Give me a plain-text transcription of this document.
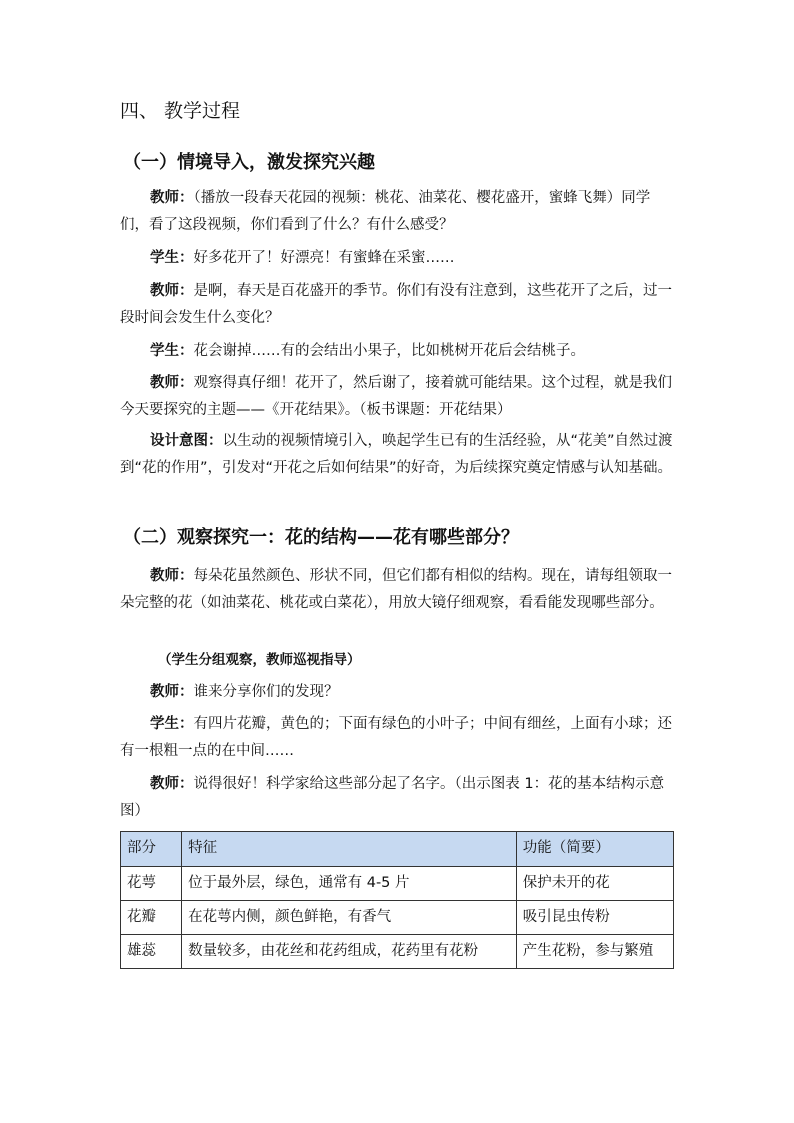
四、 教学过程
（一）情境导入，激发探究兴趣

教师：（播放一段春天花园的视频：桃花、油菜花、樱花盛开，蜜蜂飞舞）同学们，看了这段视频，你们看到了什么？有什么感受？

学生：好多花开了！好漂亮！有蜜蜂在采蜜……

教师：是啊，春天是百花盛开的季节。你们有没有注意到，这些花开了之后，过一段时间会发生什么变化？

学生：花会谢掉……有的会结出小果子，比如桃树开花后会结桃子。

教师：观察得真仔细！花开了，然后谢了，接着就可能结果。这个过程，就是我们今天要探究的主题——《开花结果》。（板书课题：开花结果）

设计意图：以生动的视频情境引入，唤起学生已有的生活经验，从“花美”自然过渡到“花的作用”，引发对“开花之后如何结果”的好奇，为后续探究奠定情感与认知基础。

（二）观察探究一：花的结构——花有哪些部分？

教师：每朵花虽然颜色、形状不同，但它们都有相似的结构。现在，请每组领取一朵完整的花（如油菜花、桃花或白菜花），用放大镜仔细观察，看看能发现哪些部分。

（学生分组观察，教师巡视指导）

教师：谁来分享你们的发现？

学生：有四片花瓣，黄色的；下面有绿色的小叶子；中间有细丝，上面有小球；还有一根粗一点的在中间……

教师：说得很好！科学家给这些部分起了名字。（出示图表 1：花的基本结构示意图）

部分	特征	功能（简要）
花萼	位于最外层，绿色，通常有 4-5 片	保护未开的花
花瓣	在花萼内侧，颜色鲜艳，有香气	吸引昆虫传粉
雄蕊	数量较多，由花丝和花药组成，花药里有花粉	产生花粉，参与繁殖
